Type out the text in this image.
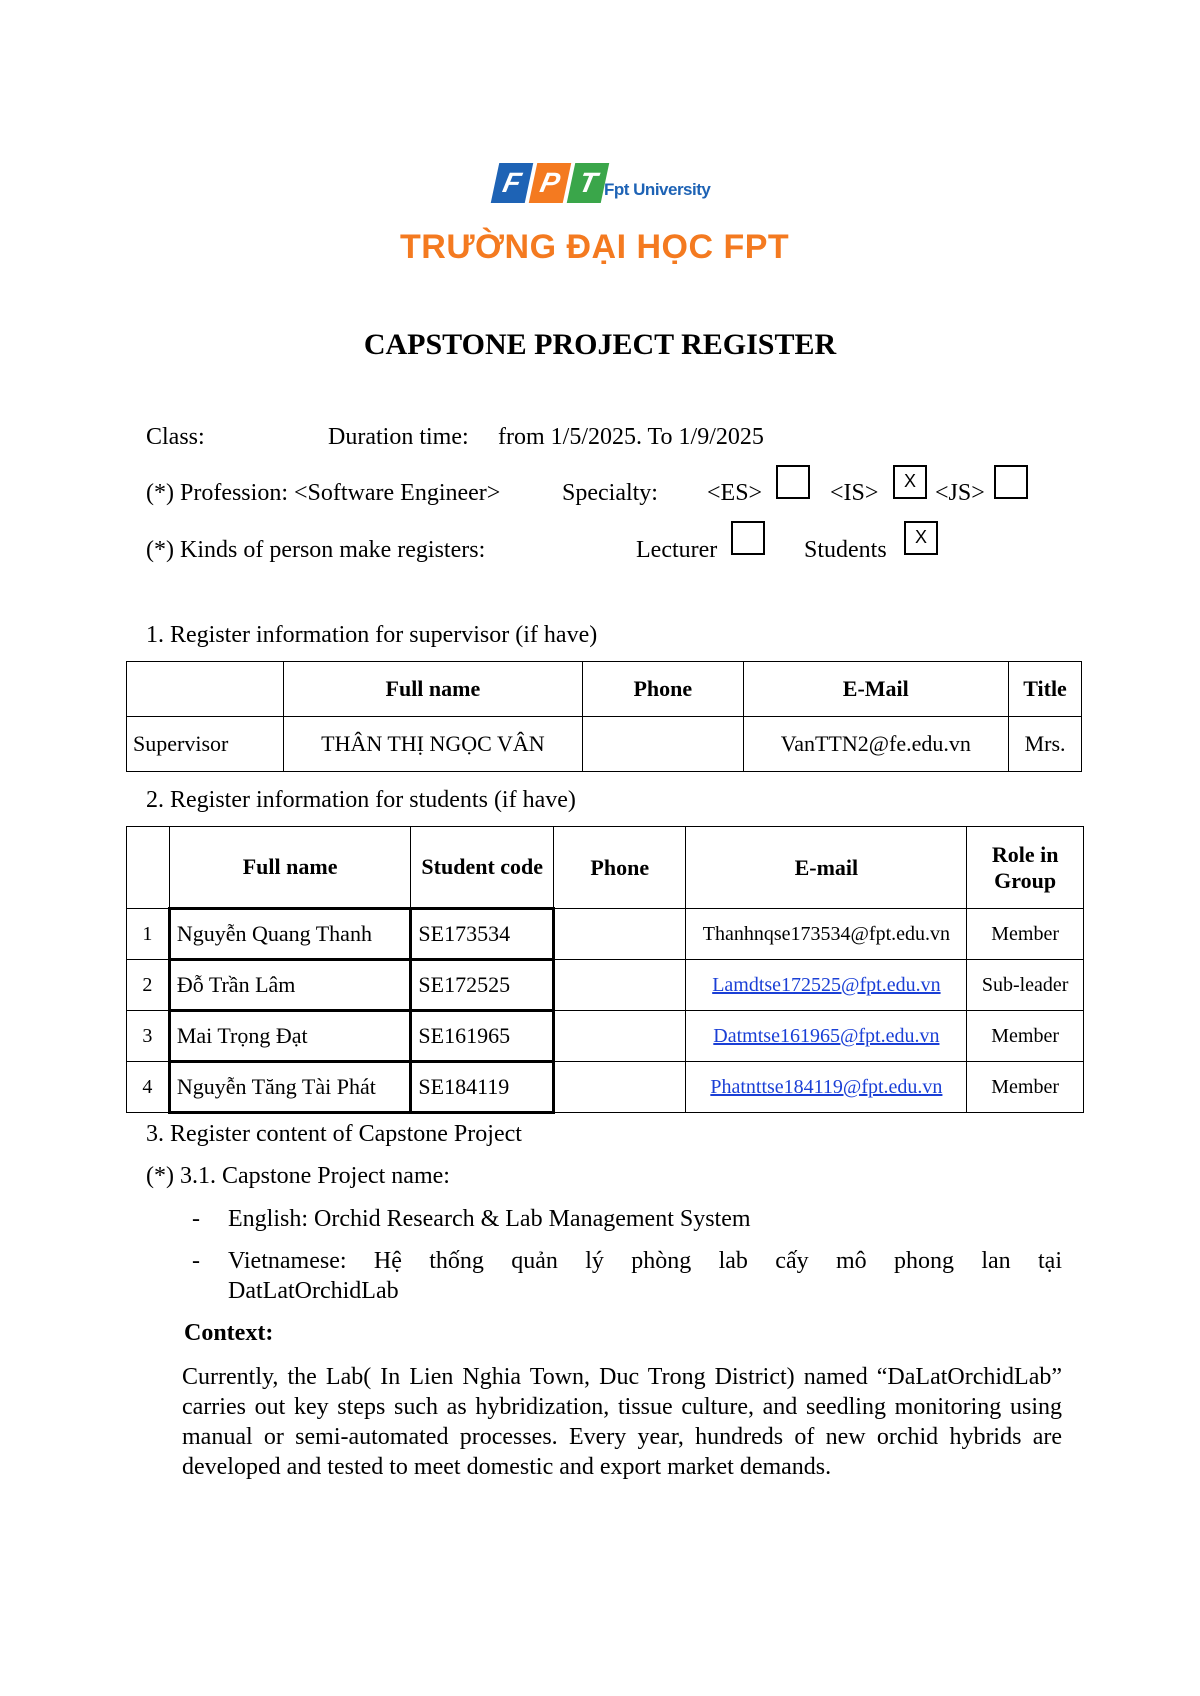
F P T Fpt University
TRƯỜNG ĐẠI HỌC FPT
CAPSTONE PROJECT REGISTER
Class:	Duration time: from 1/5/2025. To 1/9/2025
(*) Profession: <Software Engineer>	Specialty: <ES>	<IS>	X <JS>
(*) Kinds of person make registers:	Lecturer	Students	X
1. Register information for supervisor (if have)
	Full name	Phone	E-Mail	Title
Supervisor	THÂN THỊ NGỌC VÂN		VanTTN2@fe.edu.vn	Mrs.
2. Register information for students (if have)
	Full name	Student code	Phone	E-mail	Role in Group
1	Nguyễn Quang Thanh	SE173534		Thanhnqse173534@fpt.edu.vn	Member
2	Đỗ Trần Lâm	SE172525		Lamdtse172525@fpt.edu.vn	Sub-leader
3	Mai Trọng Đạt	SE161965		Datmtse161965@fpt.edu.vn	Member
4	Nguyễn Tăng Tài Phát	SE184119		Phatnttse184119@fpt.edu.vn	Member
3. Register content of Capstone Project
(*) 3.1. Capstone Project name:
- English: Orchid Research & Lab Management System
- Vietnamese: Hệ thống quản lý phòng lab cấy mô phong lan tại
DatLatOrchidLab
Context:
Currently, the Lab( In Lien Nghia Town, Duc Trong District) named “DaLatOrchidLab” carries out key steps such as hybridization, tissue culture, and seedling monitoring using manual or semi-automated processes. Every year, hundreds of new orchid hybrids are developed and tested to meet domestic and export market demands.
